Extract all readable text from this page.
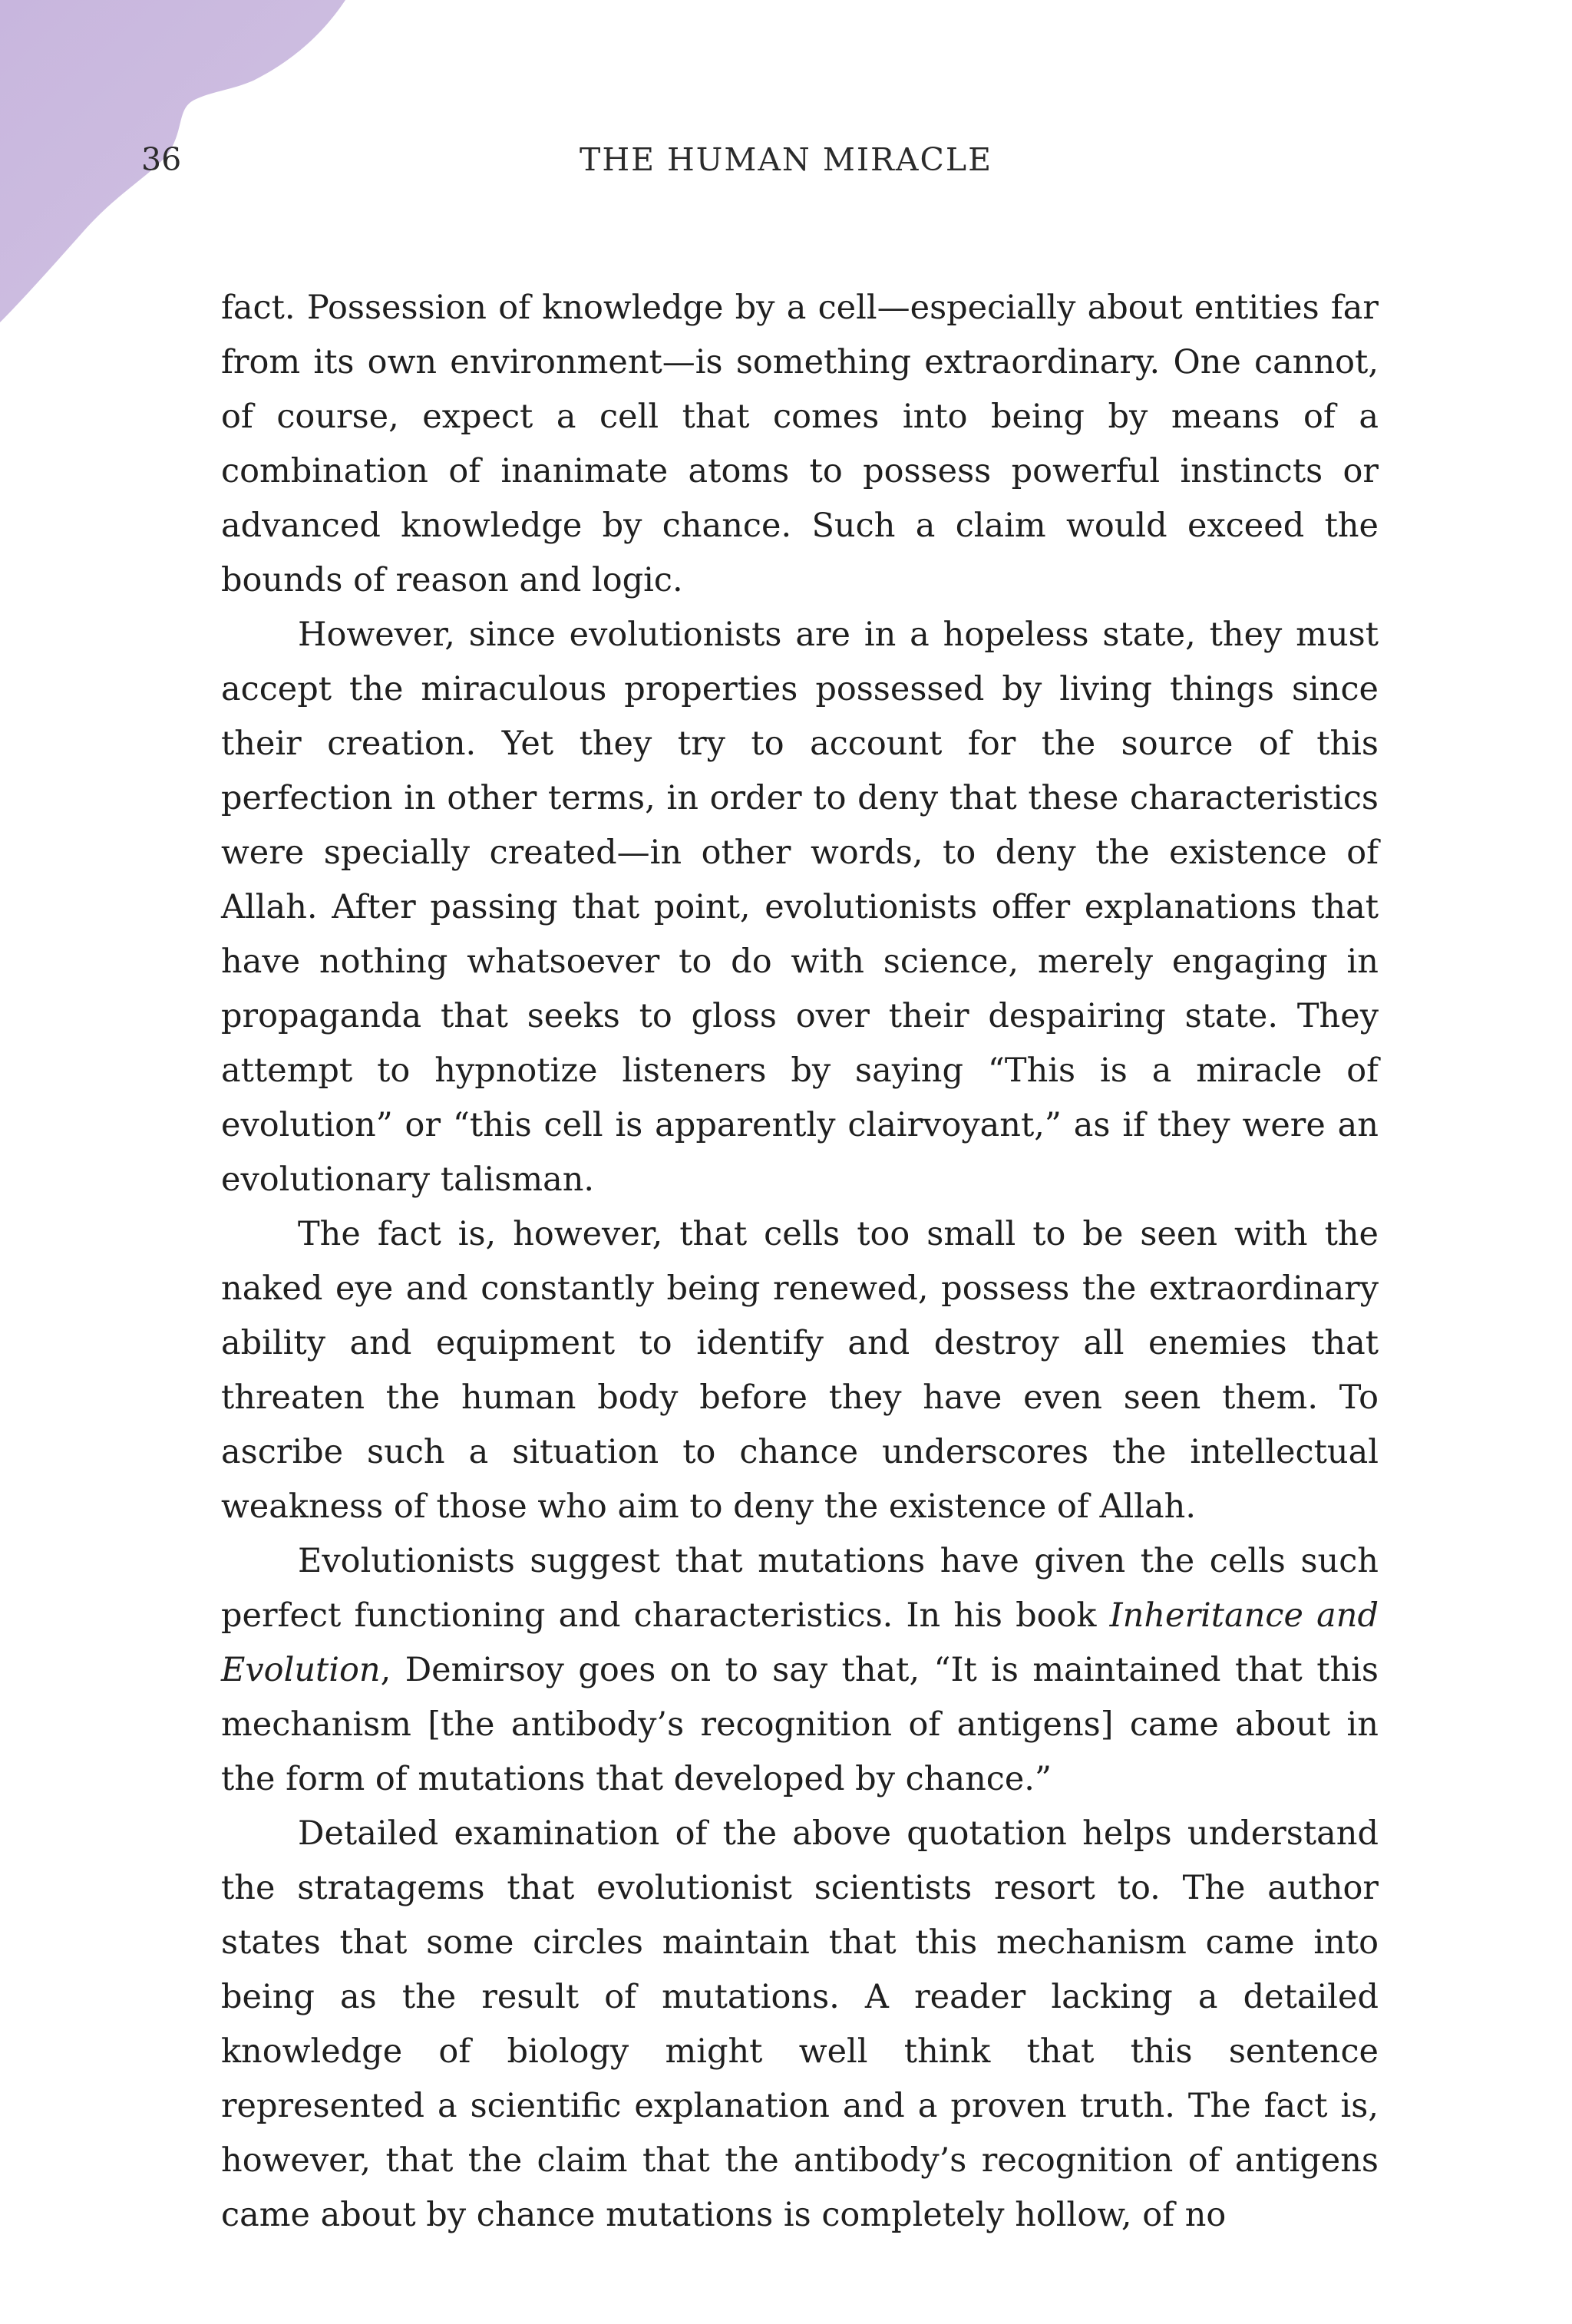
36	THE HUMAN MIRACLE

fact. Possession of knowledge by a cell—especially about entities far from its own environment—is something extraordinary. One cannot, of course, expect a cell that comes into being by means of a combination of inanimate atoms to possess powerful instincts or advanced knowledge by chance. Such a claim would exceed the bounds of reason and logic.

However, since evolutionists are in a hopeless state, they must accept the miraculous properties possessed by living things since their creation. Yet they try to account for the source of this perfection in other terms, in order to deny that these characteristics were specially created—in other words, to deny the existence of Allah. After passing that point, evolutionists offer explanations that have nothing whatsoever to do with science, merely engaging in propaganda that seeks to gloss over their despairing state. They attempt to hypnotize listeners by saying “This is a miracle of evolution” or “this cell is apparently clairvoyant,” as if they were an evolutionary talisman.

The fact is, however, that cells too small to be seen with the naked eye and constantly being renewed, possess the extraordinary ability and equipment to identify and destroy all enemies that threaten the human body before they have even seen them. To ascribe such a situation to chance underscores the intellectual weakness of those who aim to deny the existence of Allah.

Evolutionists suggest that mutations have given the cells such perfect functioning and characteristics. In his book Inheritance and Evolution, Demirsoy goes on to say that, “It is maintained that this mechanism [the antibody’s recognition of antigens] came about in the form of mutations that developed by chance.”

Detailed examination of the above quotation helps understand the stratagems that evolutionist scientists resort to. The author states that some circles maintain that this mechanism came into being as the result of mutations. A reader lacking a detailed knowledge of biology might well think that this sentence represented a scientific explanation and a proven truth. The fact is, however, that the claim that the antibody’s recognition of antigens came about by chance mutations is completely hollow, of no
